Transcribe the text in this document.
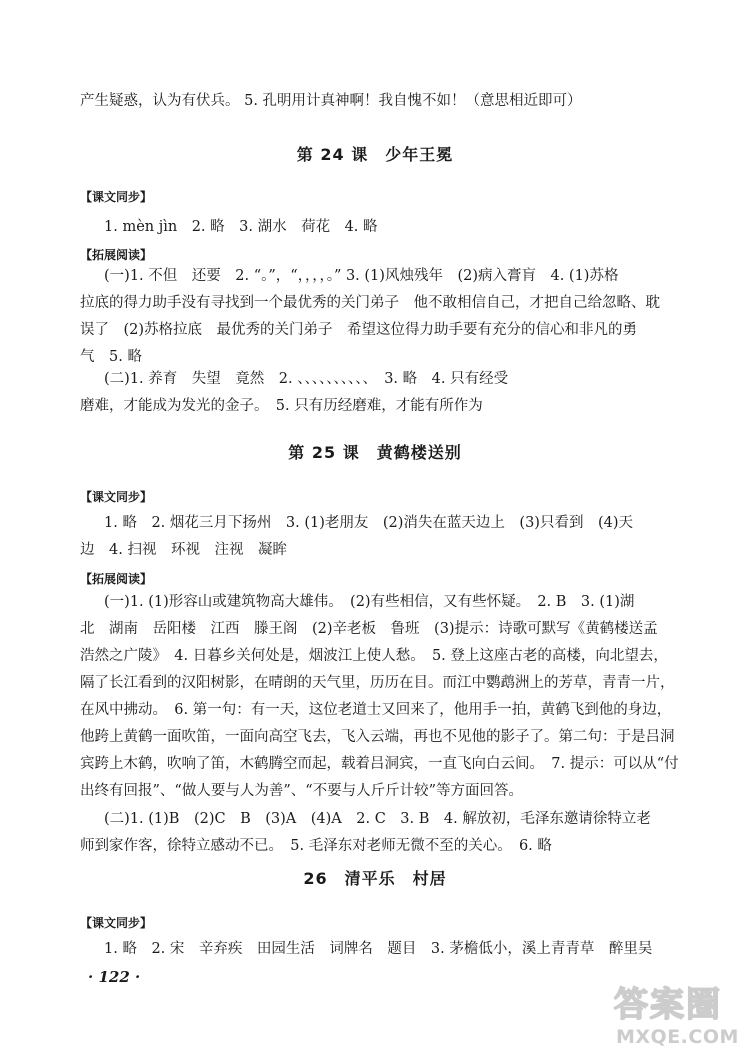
产生疑惑，认为有伏兵。 5. 孔明用计真神啊！我自愧不如！（意思相近即可）

第 24 课　少年王冕

【课文同步】

1. mèn jìn　2. 略　3. 湖水　荷花　4. 略

【拓展阅读】

(一)1. 不但　还要　2. “。”，“，，，，。” 3. (1)风烛残年　(2)病入膏肓　4. (1)苏格
拉底的得力助手没有寻找到一个最优秀的关门弟子　他不敢相信自己，才把自己给忽略、耽
误了　(2)苏格拉底　最优秀的关门弟子　希望这位得力助手要有充分的信心和非凡的勇
气　5. 略

(二)1. 养育　失望　竟然　2. 、、、、、、、、、、　3. 略　4. 只有经受
磨难，才能成为发光的金子。　5. 只有历经磨难，才能有所作为

第 25 课　黄鹤楼送别

【课文同步】

1. 略　2. 烟花三月下扬州　3. (1)老朋友　(2)消失在蓝天边上　(3)只看到　(4)天
边　4. 扫视　环视　注视　凝眸

【拓展阅读】

(一)1. (1)形容山或建筑物高大雄伟。　(2)有些相信，又有些怀疑。　2. B　3. (1)湖
北　湖南　岳阳楼　江西　滕王阁　(2)辛老板　鲁班　(3)提示：诗歌可默写《黄鹤楼送孟
浩然之广陵》　4. 日暮乡关何处是，烟波江上使人愁。　5. 登上这座古老的高楼，向北望去，
隔了长江看到的汉阳树影，在晴朗的天气里，历历在目。而江中鹦鹉洲上的芳草，青青一片，
在风中拂动。　6. 第一句：有一天，这位老道士又回来了，他用手一拍，黄鹤飞到他的身边，
他跨上黄鹤一面吹笛，一面向高空飞去，飞入云端，再也不见他的影子了。第二句：于是吕洞
宾跨上木鹤，吹响了笛，木鹤腾空而起，载着吕洞宾，一直飞向白云间。　7. 提示：可以从“付
出终有回报”、“做人要与人为善”、“不要与人斤斤计较”等方面回答。

(二)1. (1)B　(2)C　B　(3)A　(4)A　2. C　3. B　4. 解放初，毛泽东邀请徐特立老
师到家作客，徐特立感动不已。　5. 毛泽东对老师无微不至的关心。　6. 略

26　清平乐　村居

【课文同步】

1. 略　2. 宋　辛弃疾　田园生活　词牌名　题目　3. 茅檐低小，溪上青青草　醉里吴

· 122 ·
答案圈
MXQE.COM
